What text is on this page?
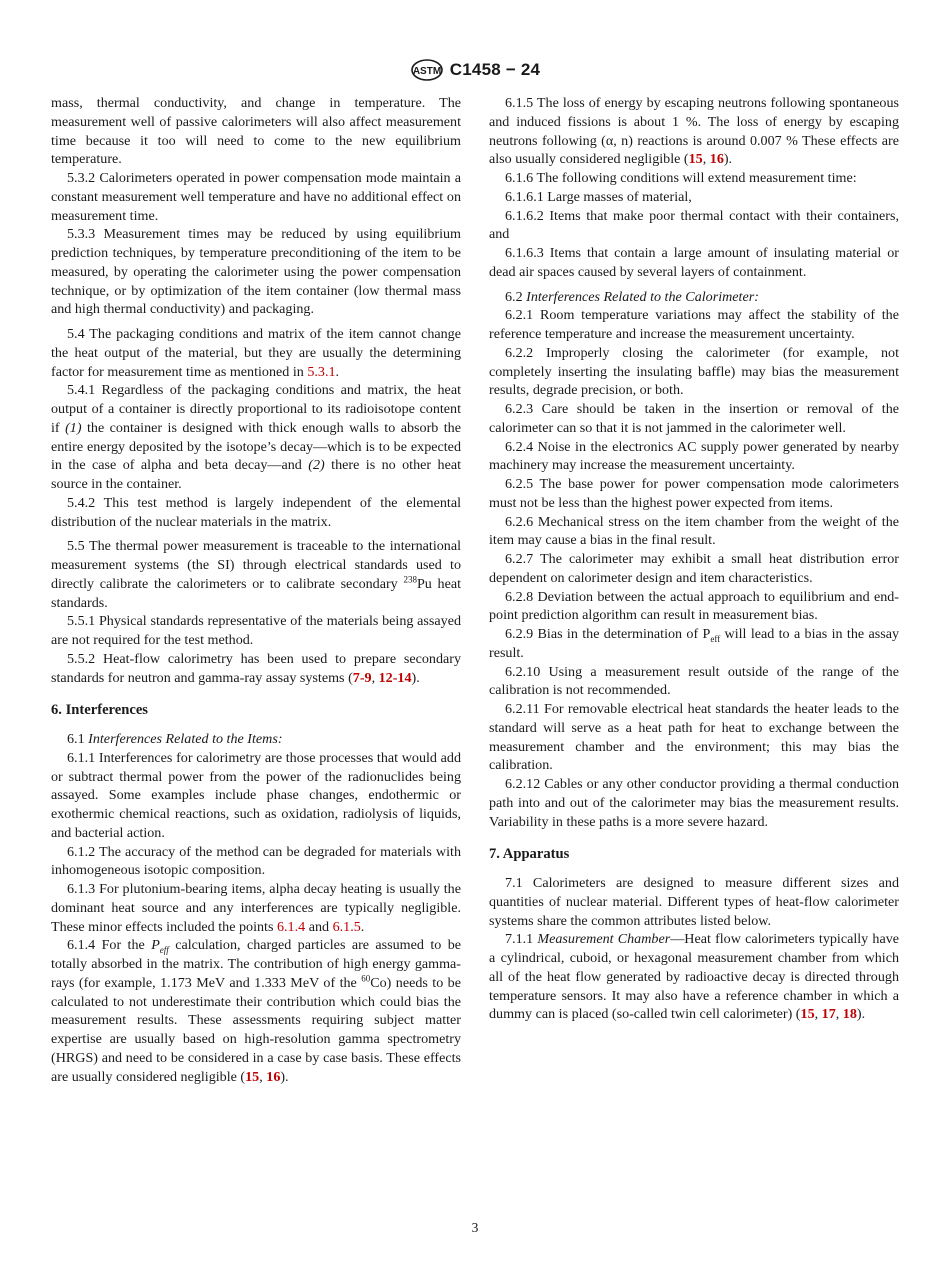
ASTM C1458 − 24

mass, thermal conductivity, and change in temperature. The measurement well of passive calorimeters will also affect measurement time because it too will need to come to the new equilibrium temperature.

5.3.2 Calorimeters operated in power compensation mode maintain a constant measurement well temperature and have no additional effect on measurement time.

5.3.3 Measurement times may be reduced by using equilibrium prediction techniques, by temperature preconditioning of the item to be measured, by operating the calorimeter using the power compensation technique, or by optimization of the item container (low thermal mass and high thermal conductivity) and packaging.

5.4 The packaging conditions and matrix of the item cannot change the heat output of the material, but they are usually the determining factor for measurement time as mentioned in 5.3.1.

5.4.1 Regardless of the packaging conditions and matrix, the heat output of a container is directly proportional to its radioisotope content if (1) the container is designed with thick enough walls to absorb the entire energy deposited by the isotope’s decay—which is to be expected in the case of alpha and beta decay—and (2) there is no other heat source in the container.

5.4.2 This test method is largely independent of the elemental distribution of the nuclear materials in the matrix.

5.5 The thermal power measurement is traceable to the international measurement systems (the SI) through electrical standards used to directly calibrate the calorimeters or to calibrate secondary $^{238}$Pu heat standards.

5.5.1 Physical standards representative of the materials being assayed are not required for the test method.

5.5.2 Heat-flow calorimetry has been used to prepare secondary standards for neutron and gamma-ray assay systems (7-9, 12-14).

6. Interferences

6.1 Interferences Related to the Items:

6.1.1 Interferences for calorimetry are those processes that would add or subtract thermal power from the power of the radionuclides being assayed. Some examples include phase changes, endothermic or exothermic chemical reactions, such as oxidation, radiolysis of liquids, and bacterial action.

6.1.2 The accuracy of the method can be degraded for materials with inhomogeneous isotopic composition.

6.1.3 For plutonium-bearing items, alpha decay heating is usually the dominant heat source and any interferences are typically negligible. These minor effects included the points 6.1.4 and 6.1.5.

6.1.4 For the $P_{eff}$ calculation, charged particles are assumed to be totally absorbed in the matrix. The contribution of high energy gamma-rays (for example, 1.173 MeV and 1.333 MeV of the $^{60}$Co) needs to be calculated to not underestimate their contribution which could bias the measurement results. These assessments requiring subject matter expertise are usually based on high-resolution gamma spectrometry (HRGS) and need to be considered in a case by case basis. These effects are usually considered negligible (15, 16).

6.1.5 The loss of energy by escaping neutrons following spontaneous and induced fissions is about 1 %. The loss of energy by escaping neutrons following (α, n) reactions is around 0.007 % These effects are also usually considered negligible (15, 16).

6.1.6 The following conditions will extend measurement time:

6.1.6.1 Large masses of material,

6.1.6.2 Items that make poor thermal contact with their containers, and

6.1.6.3 Items that contain a large amount of insulating material or dead air spaces caused by several layers of containment.

6.2 Interferences Related to the Calorimeter:

6.2.1 Room temperature variations may affect the stability of the reference temperature and increase the measurement uncertainty.

6.2.2 Improperly closing the calorimeter (for example, not completely inserting the insulating baffle) may bias the measurement results, degrade precision, or both.

6.2.3 Care should be taken in the insertion or removal of the calorimeter can so that it is not jammed in the calorimeter well.

6.2.4 Noise in the electronics AC supply power generated by nearby machinery may increase the measurement uncertainty.

6.2.5 The base power for power compensation mode calorimeters must not be less than the highest power expected from items.

6.2.6 Mechanical stress on the item chamber from the weight of the item may cause a bias in the final result.

6.2.7 The calorimeter may exhibit a small heat distribution error dependent on calorimeter design and item characteristics.

6.2.8 Deviation between the actual approach to equilibrium and end-point prediction algorithm can result in measurement bias.

6.2.9 Bias in the determination of $P_{eff}$ will lead to a bias in the assay result.

6.2.10 Using a measurement result outside of the range of the calibration is not recommended.

6.2.11 For removable electrical heat standards the heater leads to the standard will serve as a heat path for heat to exchange between the measurement chamber and the environment; this may bias the calibration.

6.2.12 Cables or any other conductor providing a thermal conduction path into and out of the calorimeter may bias the measurement results. Variability in these paths is a more severe hazard.

7. Apparatus

7.1 Calorimeters are designed to measure different sizes and quantities of nuclear material. Different types of heat-flow calorimeter systems share the common attributes listed below.

7.1.1 Measurement Chamber—Heat flow calorimeters typically have a cylindrical, cuboid, or hexagonal measurement chamber from which all of the heat flow generated by radioactive decay is directed through temperature sensors. It may also have a reference chamber in which a dummy can is placed (so-called twin cell calorimeter) (15, 17, 18).

3
